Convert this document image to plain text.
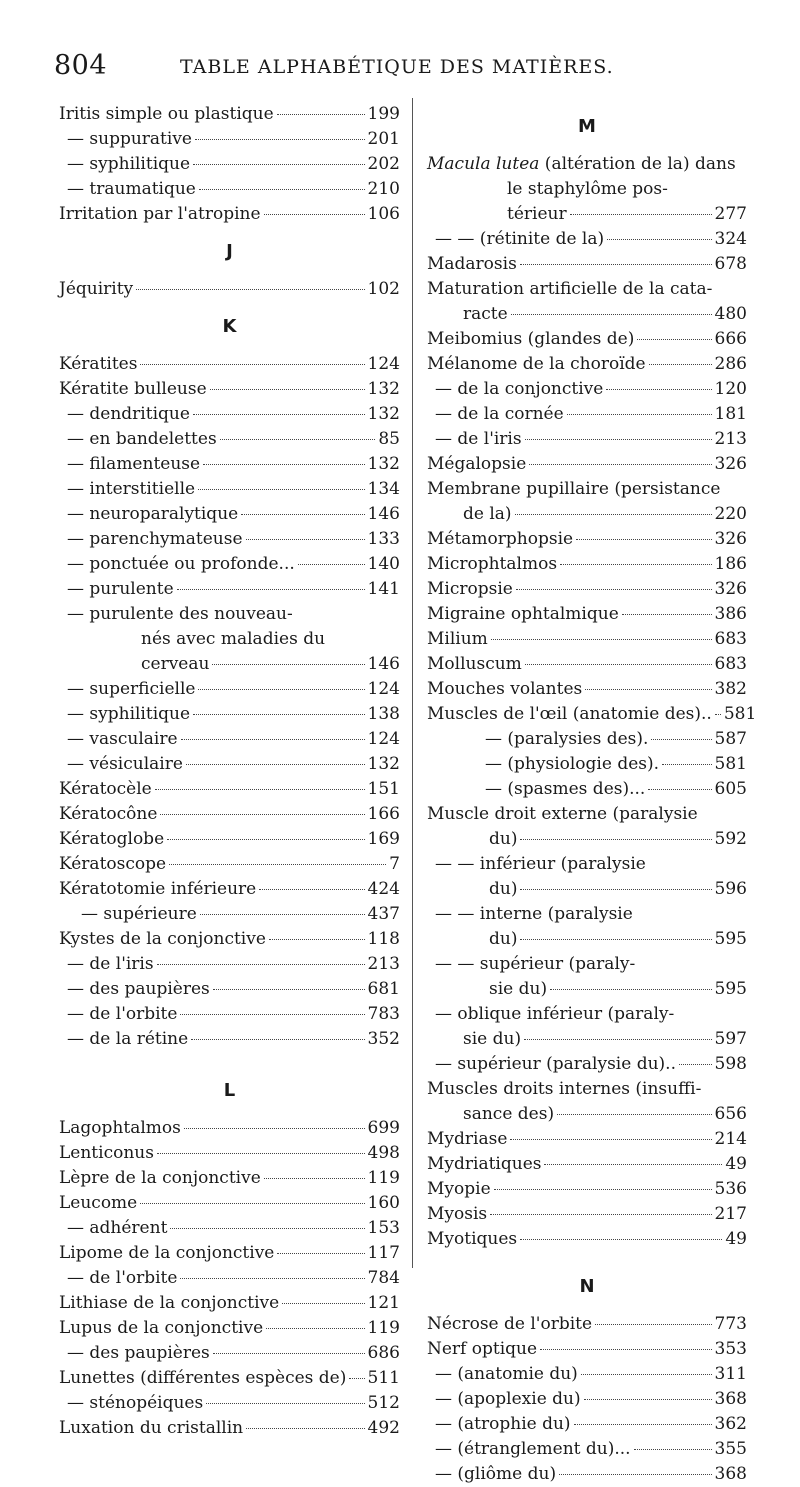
804	TABLE ALPHABÉTIQUE DES MATIÈRES.
Iritis simple ou plastique	199
— suppurative	201
— syphilitique	202
— traumatique	210
Irritation par l'atropine	106
J
Jéquirity	102
K
Kératites	124
Kératite bulleuse	132
— dendritique	132
— en bandelettes	85
— filamenteuse	132
— interstitielle	134
— neuroparalytique	146
— parenchymateuse	133
— ponctuée ou profonde...	140
— purulente	141
— purulente des nouveau-
nés avec maladies du
cerveau	146
— superficielle	124
— syphilitique	138
— vasculaire	124
— vésiculaire	132
Kératocèle	151
Kératocône	166
Kératoglobe	169
Kératoscope	7
Kératotomie inférieure	424
— supérieure	437
Kystes de la conjonctive	118
— de l'iris	213
— des paupières	681
— de l'orbite	783
— de la rétine	352
L
Lagophtalmos	699
Lenticonus	498
Lèpre de la conjonctive	119
Leucome	160
— adhérent	153
Lipome de la conjonctive	117
— de l'orbite	784
Lithiase de la conjonctive	121
Lupus de la conjonctive	119
— des paupières	686
Lunettes (différentes espèces de) 511
— sténopéiques	512
Luxation du cristallin	492
M
Macula lutea (altération de la) dans
le staphylôme pos-
térieur	277
— — (rétinite de la)	324
Madarosis	678
Maturation artificielle de la cata-
racte	480
Meibomius (glandes de)	666
Mélanome de la choroïde	286
— de la conjonctive	120
— de la cornée	181
— de l'iris	213
Mégalopsie	326
Membrane pupillaire (persistance
de la)	220
Métamorphopsie	326
Microphtalmos	186
Micropsie	326
Migraine ophtalmique	386
Milium	683
Molluscum	683
Mouches volantes	382
Muscles de l'œil (anatomie des).. 581
— (paralysies des).	587
— (physiologie des).	581
— (spasmes des)...	605
Muscle droit externe (paralysie
du)	592
— — inférieur (paralysie
du)	596
— — interne (paralysie
du)	595
— — supérieur (paraly-
sie du)	595
— oblique inférieur (paraly-
sie du)	597
— supérieur (paralysie du).. 598
Muscles droits internes (insuffi-
sance des)	656
Mydriase	214
Mydriatiques	49
Myopie	536
Myosis	217
Myotiques	49
N
Nécrose de l'orbite	773
Nerf optique	353
— (anatomie du)	311
— (apoplexie du)	368
— (atrophie du)	362
— (étranglement du)...	355
— (gliôme du)	368
